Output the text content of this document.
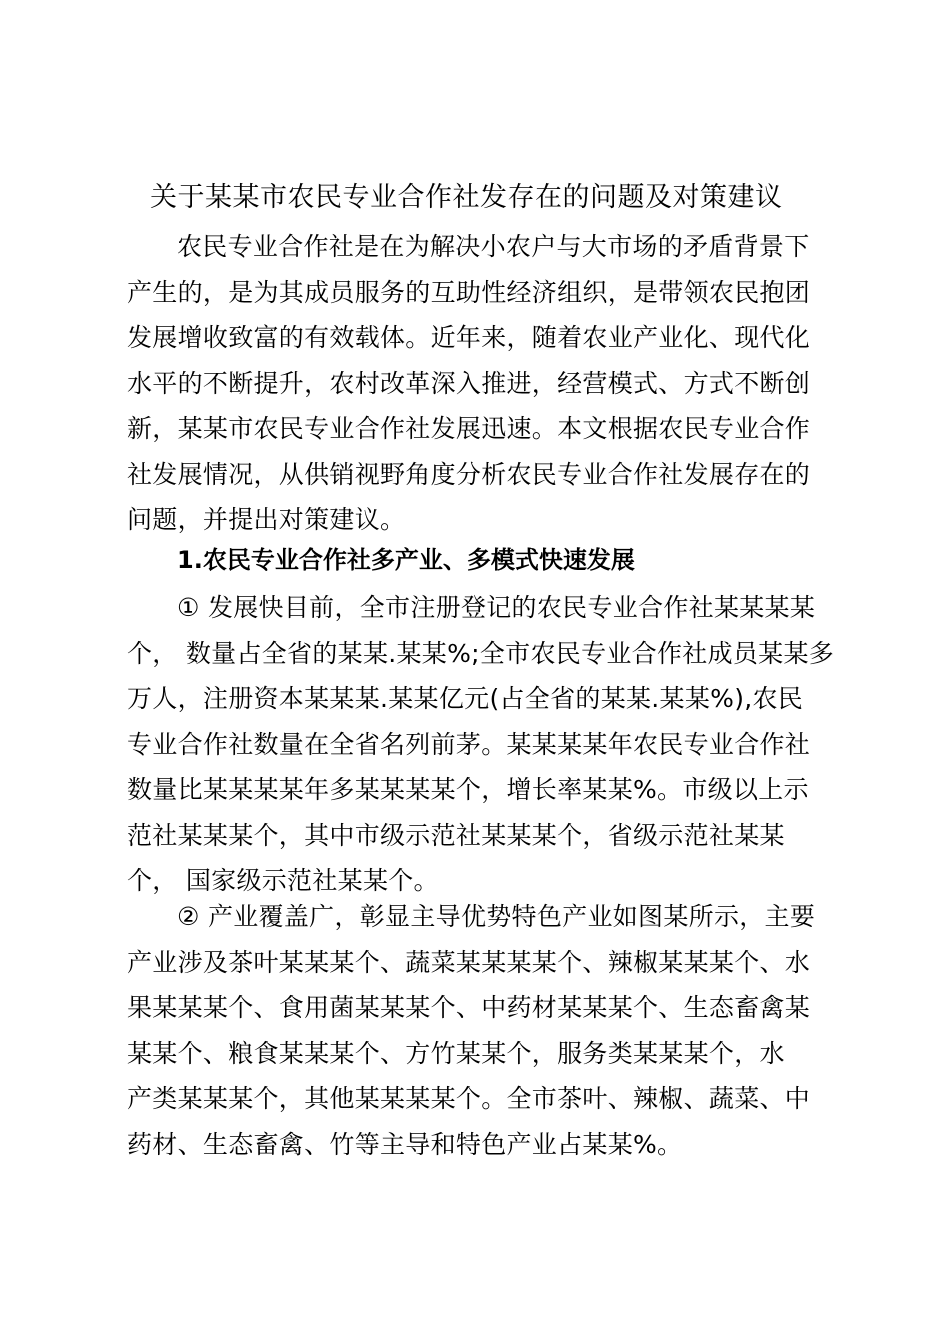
关于某某市农民专业合作社发存在的问题及对策建议
农民专业合作社是在为解决小农户与大市场的矛盾背景下
产生的，是为其成员服务的互助性经济组织，是带领农民抱团
发展增收致富的有效载体。近年来，随着农业产业化、现代化
水平的不断提升，农村改革深入推进，经营模式、方式不断创
新，某某市农民专业合作社发展迅速。本文根据农民专业合作
社发展情况，从供销视野角度分析农民专业合作社发展存在的
问题，并提出对策建议。
1.农民专业合作社多产业、多模式快速发展
① 发展快目前，全市注册登记的农民专业合作社某某某某
个， 数量占全省的某某.某某%;全市农民专业合作社成员某某多
万人，注册资本某某某.某某亿元(占全省的某某.某某%),农民
专业合作社数量在全省名列前茅。某某某某年农民专业合作社
数量比某某某某年多某某某某个，增长率某某%。市级以上示
范社某某某个，其中市级示范社某某某个，省级示范社某某
个， 国家级示范社某某个。
② 产业覆盖广，彰显主导优势特色产业如图某所示，主要
产业涉及茶叶某某某个、蔬菜某某某某个、辣椒某某某个、水
果某某某个、食用菌某某某个、中药材某某某个、生态畜禽某
某某个、粮食某某某个、方竹某某个，服务类某某某个，水
产类某某某个，其他某某某某个。全市茶叶、辣椒、蔬菜、中
药材、生态畜禽、竹等主导和特色产业占某某%。
